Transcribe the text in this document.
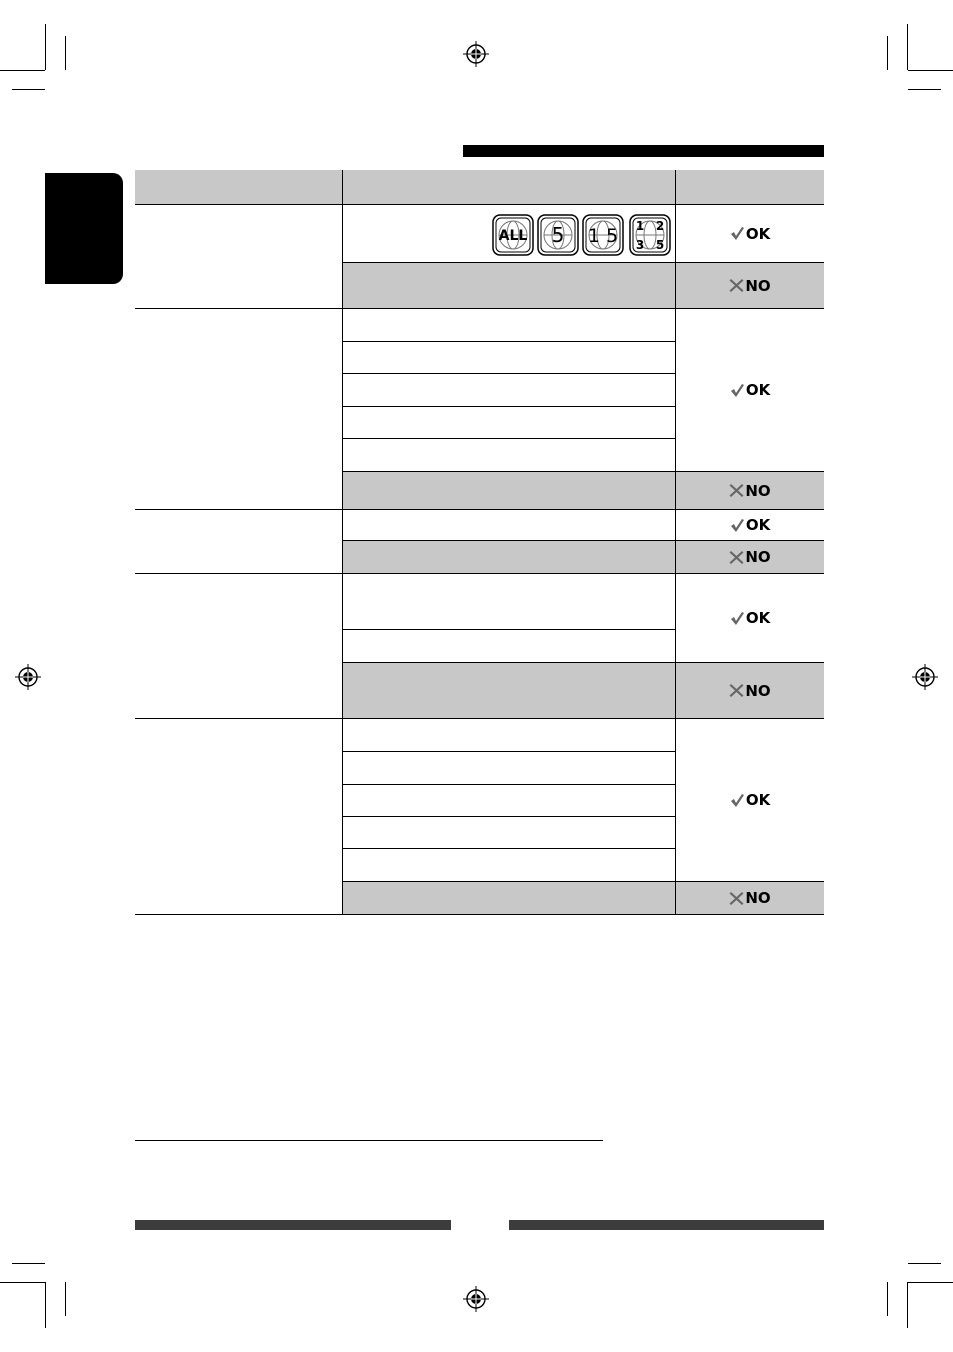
ALL 5 1 5 1 2
3 5
OK
NO
OK
NO
OK
NO
OK
NO
OK
NO
